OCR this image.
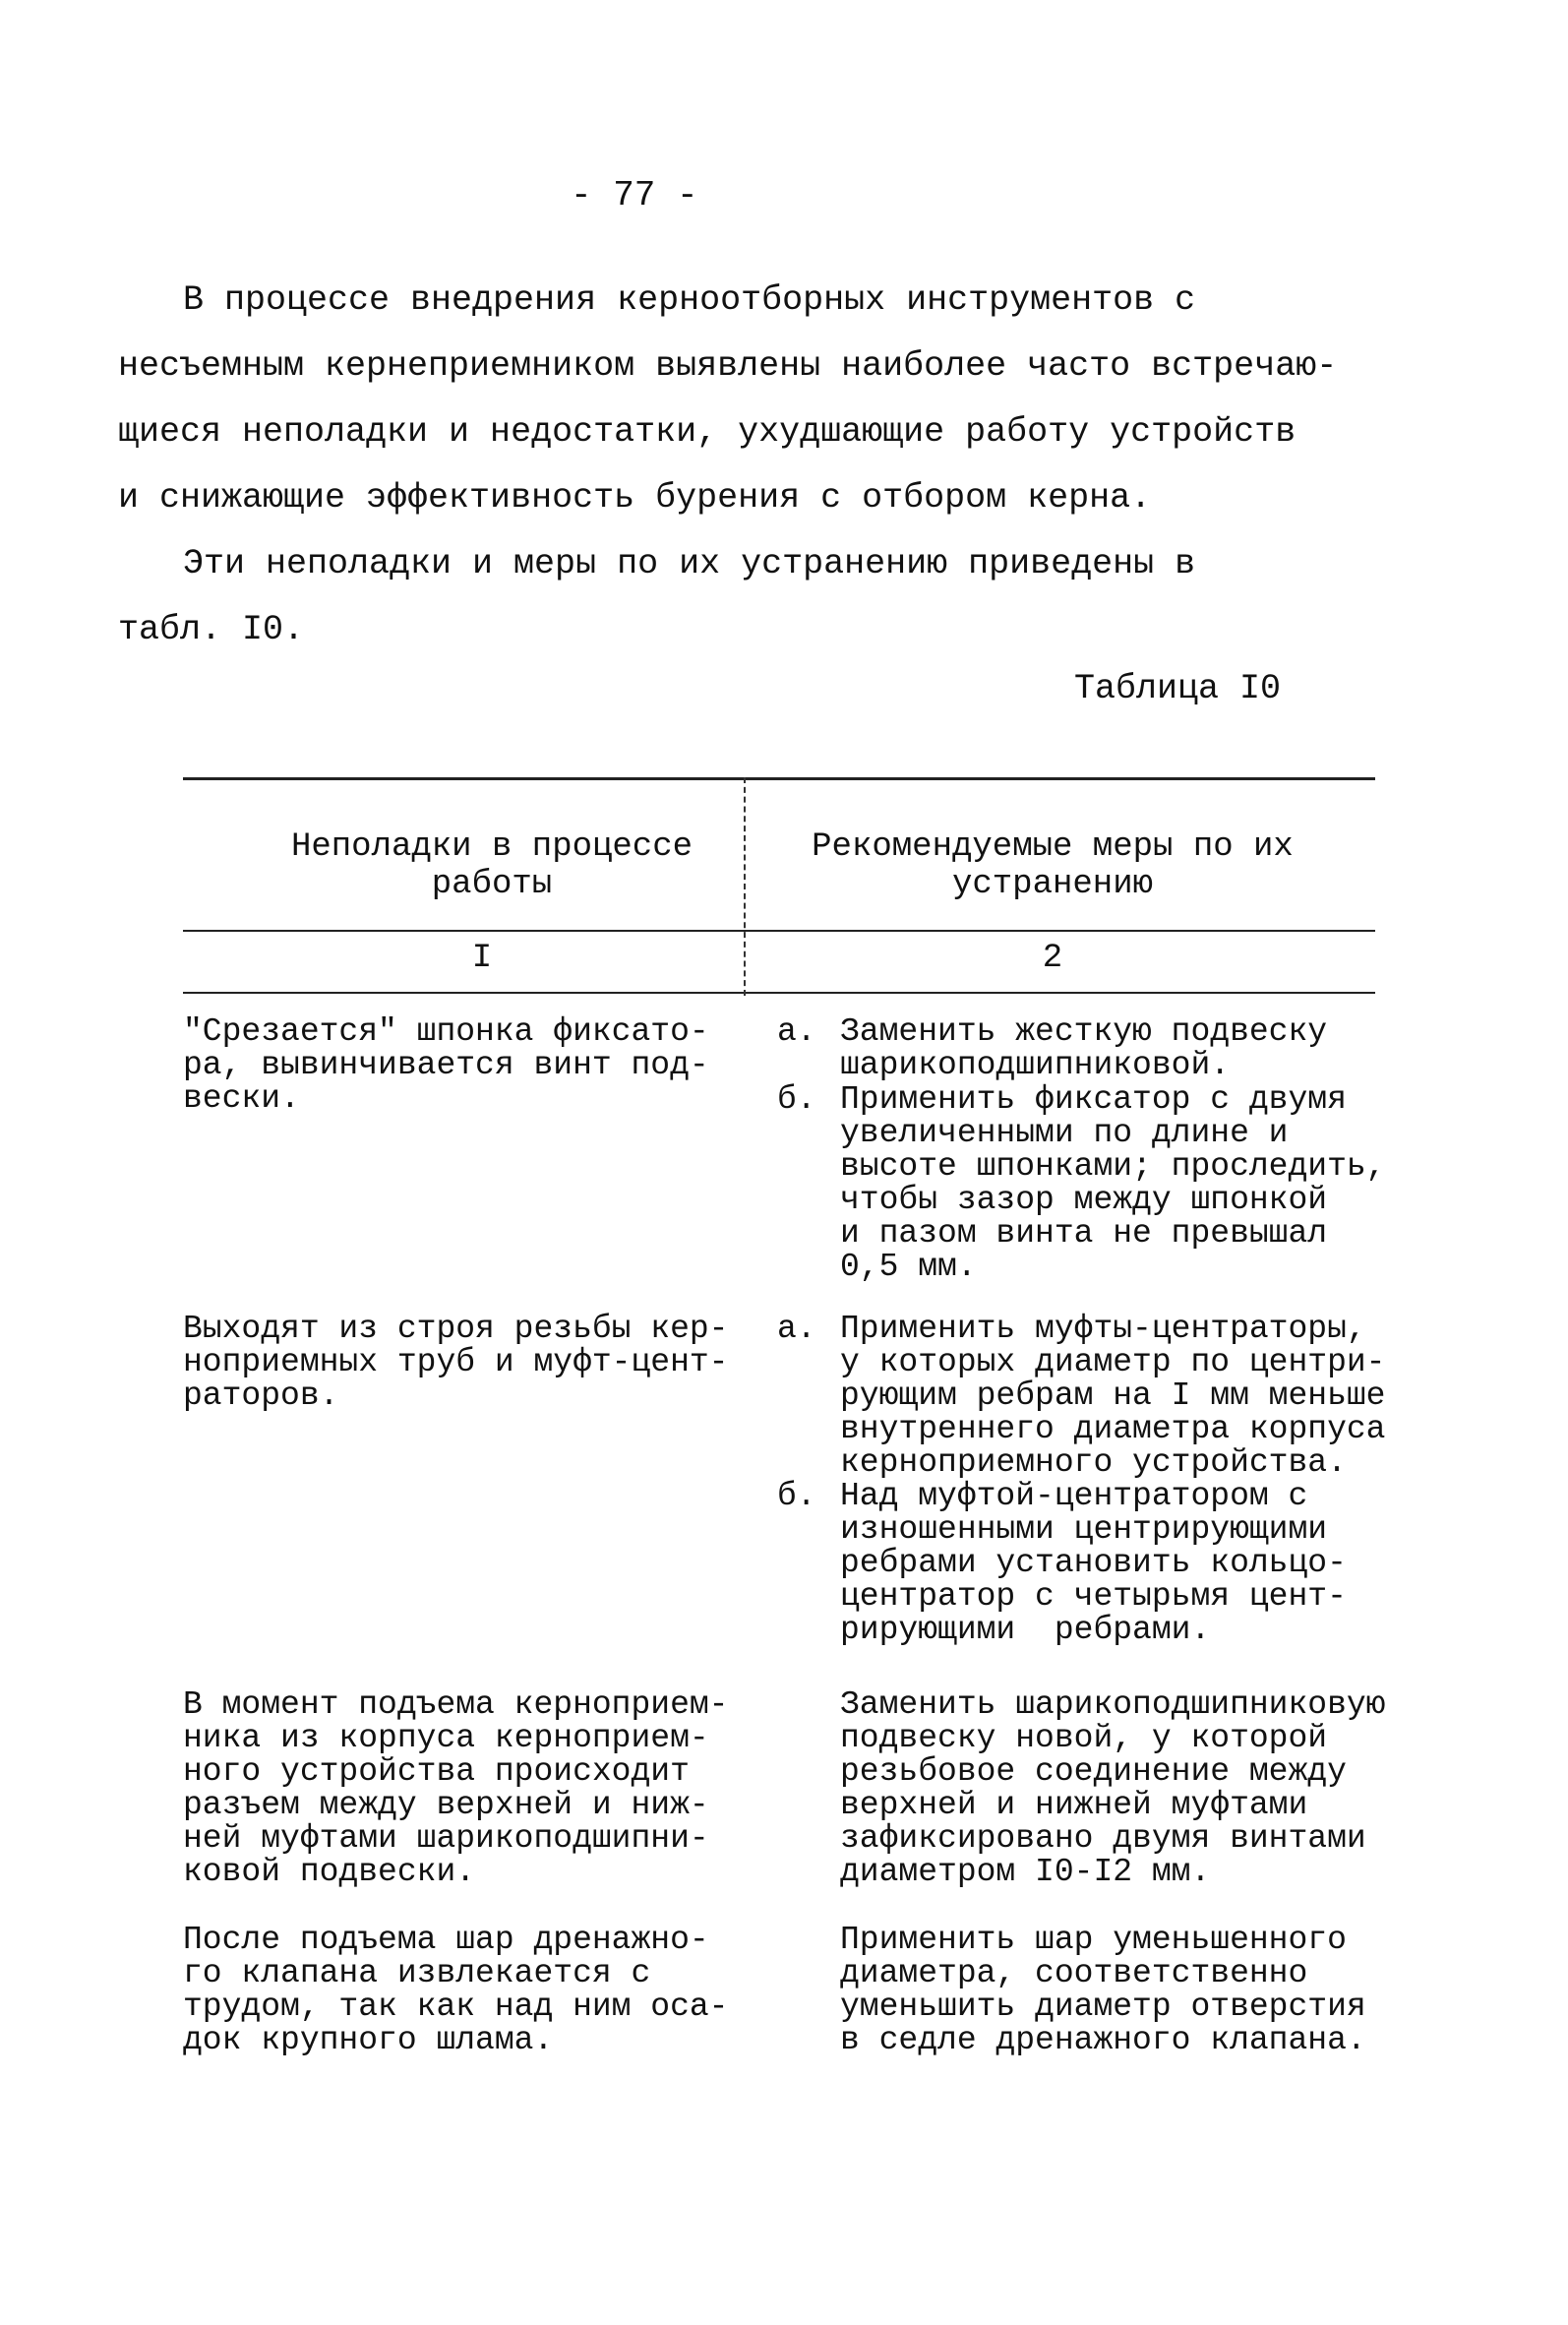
- 77 -
В процессе внедрения керноотборных инструментов с
несъемным кернеприемником выявлены наиболее часто встречаю-
щиеся неполадки и недостатки, ухудшающие работу устройств
и снижающие эффективность бурения с отбором керна.
Эти неполадки и меры по их устранению приведены в
табл. I0.
Таблица I0
Неполадки в процессе
работы
Рекомендуемые меры по их
устранению
I	2
"Срезается" шпонка фиксато-
ра, вывинчивается винт под-
вески.
а. Заменить жесткую подвеску
шарикоподшипниковой.
б. Применить фиксатор с двумя
увеличенными по длине и
высоте шпонками; проследить,
чтобы зазор между шпонкой
и пазом винта не превышал
0,5 мм.
Выходят из строя резьбы кер-
ноприемных труб и муфт-цент-
раторов.
а. Применить муфты-центраторы,
у которых диаметр по центри-
рующим ребрам на I мм меньше
внутреннего диаметра корпуса
керноприемного устройства.
б. Над муфтой-центратором с
изношенными центрирующими
ребрами установить кольцо-
центратор с четырьмя цент-
рирующими  ребрами.
В момент подъема керноприем-
ника из корпуса керноприем-
ного устройства происходит
разъем между верхней и ниж-
ней муфтами шарикоподшипни-
ковой подвески.
Заменить шарикоподшипниковую
подвеску новой, у которой
резьбовое соединение между
верхней и нижней муфтами
зафиксировано двумя винтами
диаметром I0-I2 мм.
После подъема шар дренажно-
го клапана извлекается с
трудом, так как над ним оса-
док крупного шлама.
Применить шар уменьшенного
диаметра, соответственно
уменьшить диаметр отверстия
в седле дренажного клапана.
